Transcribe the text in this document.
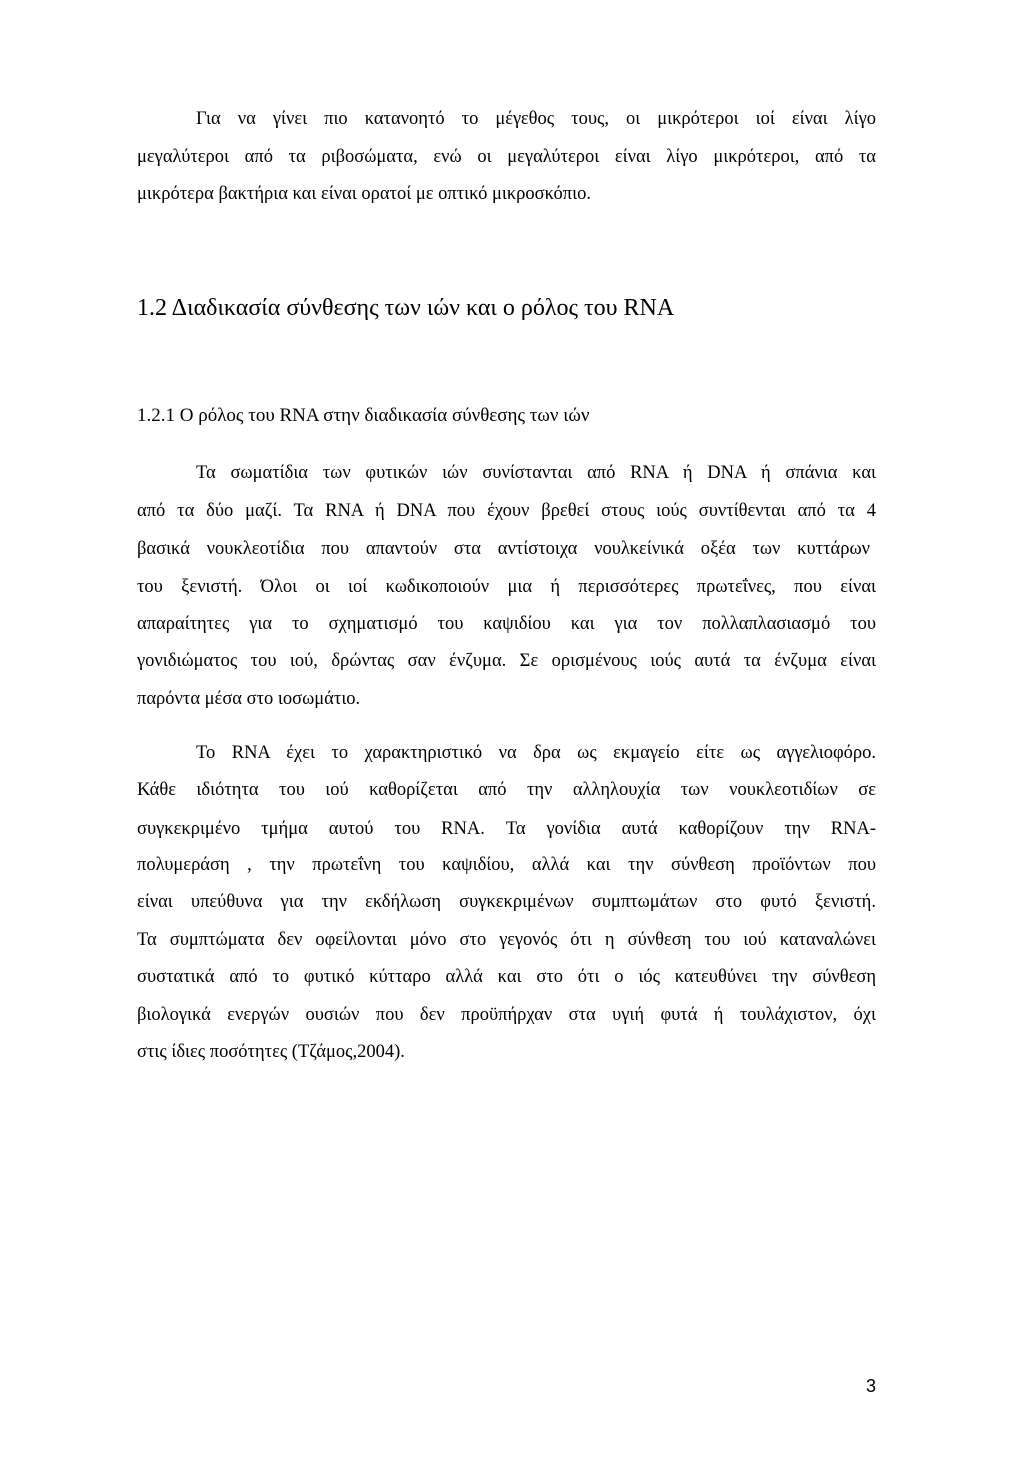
Για να γίνει πιο κατανοητό το μέγεθος τους, οι μικρότεροι ιοί είναι λίγο
μεγαλύτεροι από τα ριβοσώματα, ενώ οι μεγαλύτεροι είναι λίγο μικρότεροι, από τα
μικρότερα βακτήρια και είναι ορατοί με οπτικό μικροσκόπιο.
1.2 Διαδικασία σύνθεσης των ιών και ο ρόλος του RNA
1.2.1 Ο ρόλος του RNA στην διαδικασία σύνθεσης των ιών
Τα σωματίδια των φυτικών ιών συνίστανται από RNA ή DNA ή σπάνια και
από τα δύο μαζί. Τα RNA ή DNA που έχουν βρεθεί στους ιούς συντίθενται από τα 4
βασικά νουκλεοτίδια που απαντούν στα αντίστοιχα νουλκείνικά οξέα των κυττάρων
του ξενιστή. Όλοι οι ιοί κωδικοποιούν μια ή περισσότερες πρωτεΐνες, που είναι
απαραίτητες για το σχηματισμό του καψιδίου και για τον πολλαπλασιασμό του
γονιδιώματος του ιού, δρώντας σαν ένζυμα. Σε ορισμένους ιούς αυτά τα ένζυμα είναι
παρόντα μέσα στο ιοσωμάτιο.
Το RNA έχει το χαρακτηριστικό να δρα ως εκμαγείο είτε ως αγγελιοφόρο.
Κάθε ιδιότητα του ιού καθορίζεται από την αλληλουχία των νουκλεοτιδίων σε
συγκεκριμένο τμήμα αυτού του RNA. Τα γονίδια αυτά καθορίζουν την RNA-
πολυμεράση , την πρωτεΐνη του καψιδίου, αλλά και την σύνθεση προϊόντων που
είναι υπεύθυνα για την εκδήλωση συγκεκριμένων συμπτωμάτων στο φυτό ξενιστή.
Τα συμπτώματα δεν οφείλονται μόνο στο γεγονός ότι η σύνθεση του ιού καταναλώνει
συστατικά από το φυτικό κύτταρο αλλά και στο ότι ο ιός κατευθύνει την σύνθεση
βιολογικά ενεργών ουσιών που δεν προϋπήρχαν στα υγιή φυτά ή τουλάχιστον, όχι
στις ίδιες ποσότητες (Τζάμος,2004).
3
